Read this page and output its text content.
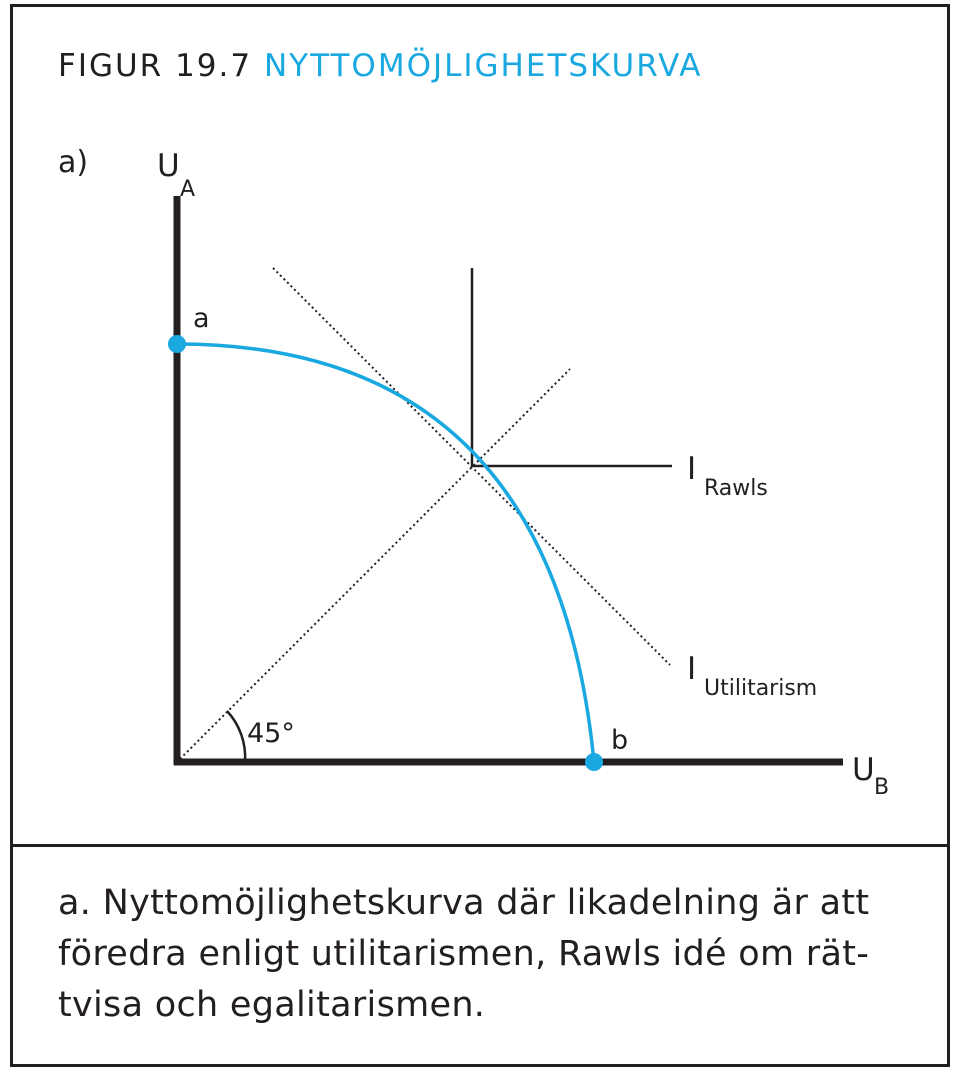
FIGUR 19.7 NYTTOMÖJLIGHETSKURVA
a) U
A
U B
45°
a
b
I
Rawls
I
Utilitarism

a. Nyttomöjlighetskurva där likadelning är att föredra enligt utilitarismen, Rawls idé om rät-tvisa och egalitarismen.
